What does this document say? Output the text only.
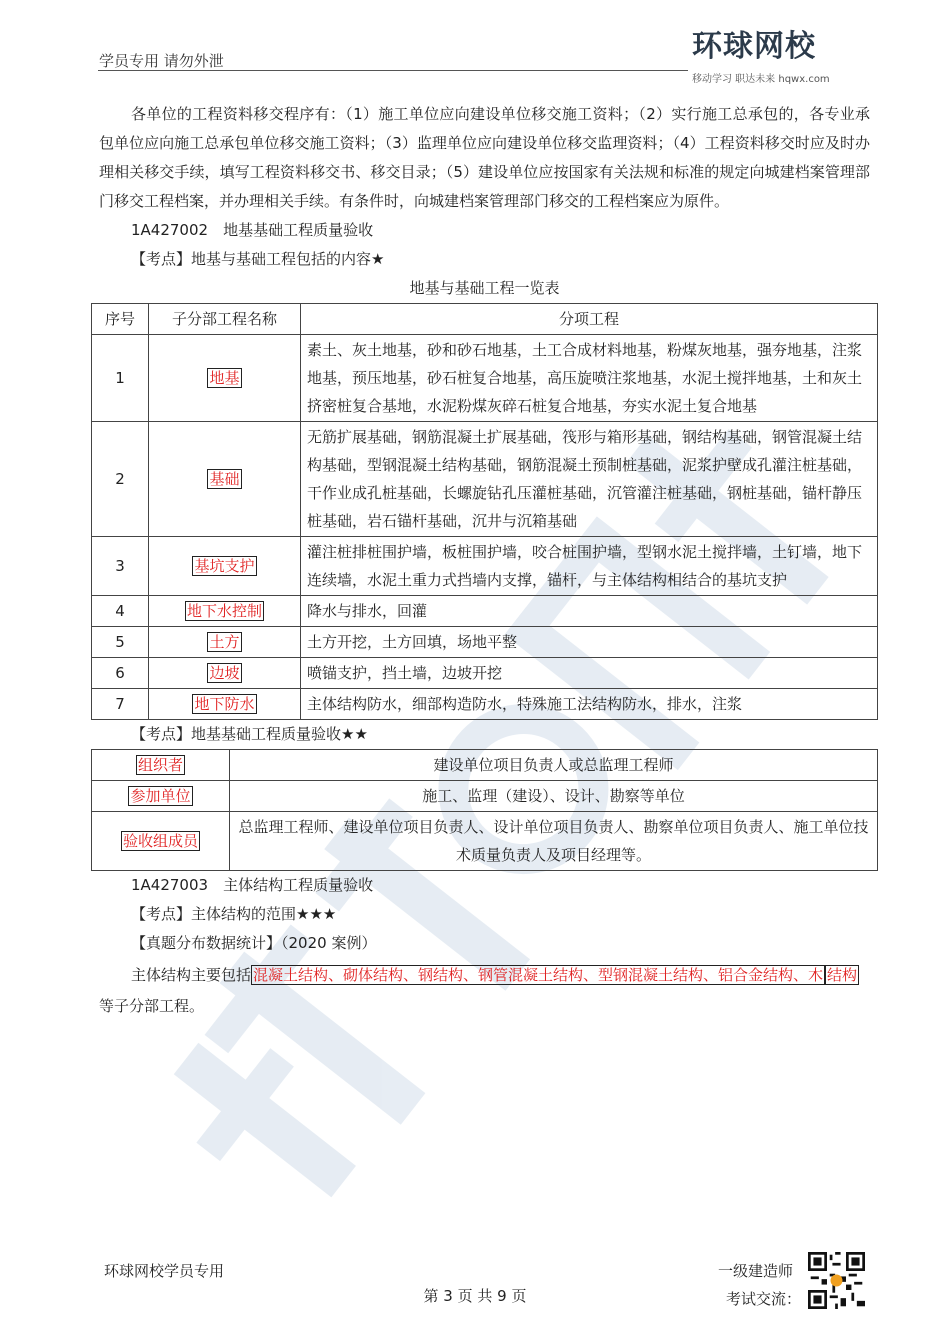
学员专用 请勿外泄	环球网校
移动学习 职达未来 hqwx.com
各单位的工程资料移交程序有：（1）施工单位应向建设单位移交施工资料；（2）实行施工总承包的，各专业承包单位应向施工总承包单位移交施工资料；（3）监理单位应向建设单位移交监理资料；（4）工程资料移交时应及时办理相关移交手续，填写工程资料移交书、移交目录；（5）建设单位应按国家有关法规和标准的规定向城建档案管理部门移交工程档案，并办理相关手续。有条件时，向城建档案管理部门移交的工程档案应为原件。
1A427002　地基基础工程质量验收
【考点】地基与基础工程包括的内容★
地基与基础工程一览表
序号	子分部工程名称	分项工程
1	地基	素土、灰土地基，砂和砂石地基，土工合成材料地基，粉煤灰地基，强夯地基，注浆地基，预压地基，砂石桩复合地基，高压旋喷注浆地基，水泥土搅拌地基，土和灰土挤密桩复合基地，水泥粉煤灰碎石桩复合地基，夯实水泥土复合地基
2	基础	无筋扩展基础，钢筋混凝土扩展基础，筏形与箱形基础，钢结构基础，钢管混凝土结构基础，型钢混凝土结构基础，钢筋混凝土预制桩基础，泥浆护壁成孔灌注桩基础，干作业成孔桩基础，长螺旋钻孔压灌桩基础，沉管灌注桩基础，钢桩基础，锚杆静压桩基础，岩石锚杆基础，沉井与沉箱基础
3	基坑支护	灌注桩排桩围护墙，板桩围护墙，咬合桩围护墙，型钢水泥土搅拌墙，土钉墙，地下连续墙，水泥土重力式挡墙内支撑，锚杆，与主体结构相结合的基坑支护
4	地下水控制	降水与排水，回灌
5	土方	土方开挖，土方回填，场地平整
6	边坡	喷锚支护，挡土墙，边坡开挖
7	地下防水	主体结构防水，细部构造防水，特殊施工法结构防水，排水，注浆
【考点】地基基础工程质量验收★★
组织者	建设单位项目负责人或总监理工程师
参加单位	施工、监理（建设）、设计、勘察等单位
验收组成员	总监理工程师、建设单位项目负责人、设计单位项目负责人、勘察单位项目负责人、施工单位技术质量负责人及项目经理等。
1A427003　主体结构工程质量验收
【考点】主体结构的范围★★★
【真题分布数据统计】（2020 案例）
主体结构主要包括 混凝土结构、砌体结构、钢结构、钢管混凝土结构、型钢混凝土结构、铝合金结构、木 结构等子分部工程。
环球网校学员专用
第 3 页 共 9 页
一级建造师
考试交流：
